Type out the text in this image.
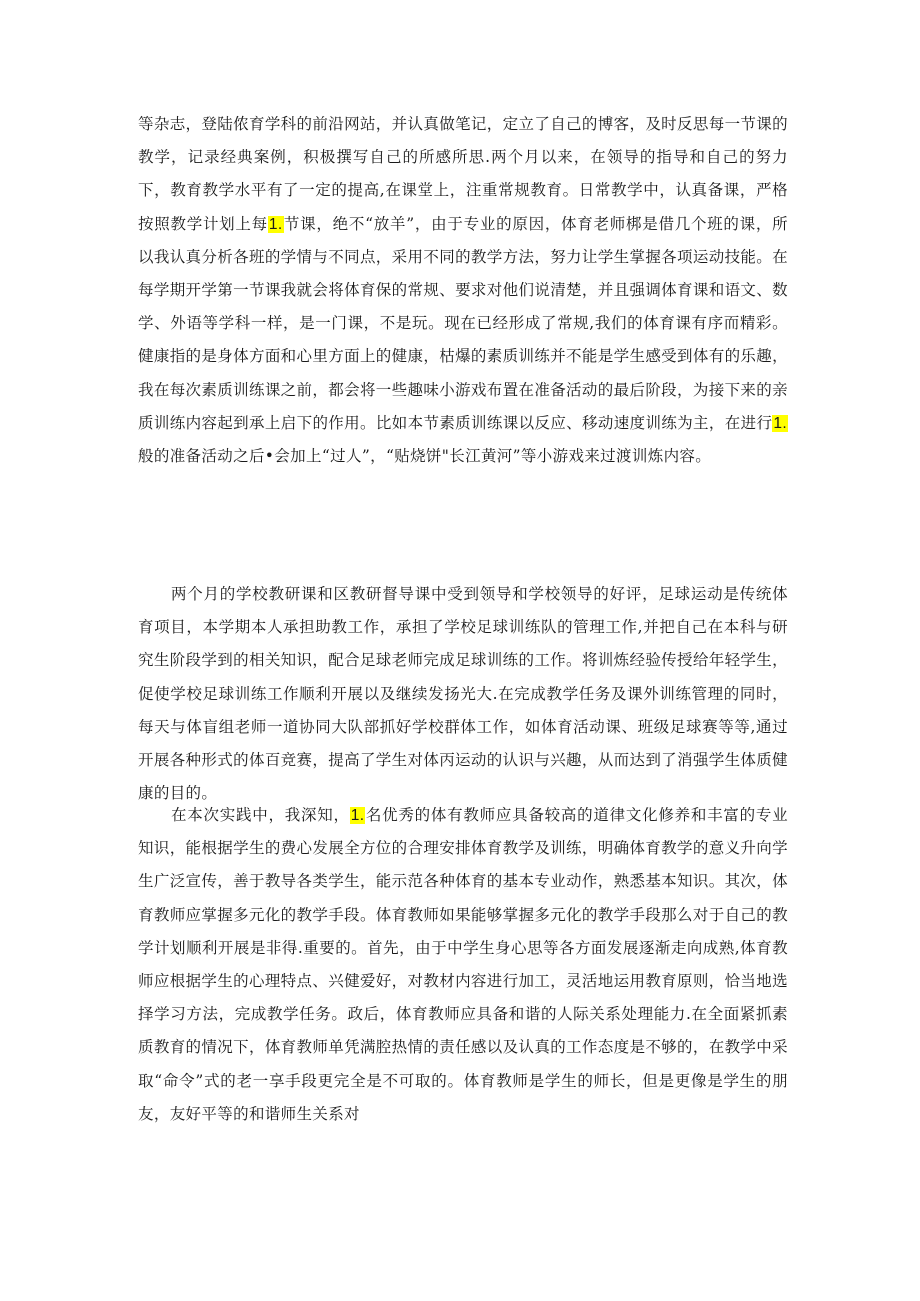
等杂志，登陆侬育学科的前沿网站，并认真做笔记，定立了自己的博客，及时反思每一节课的教学，记录经典案例，积极撰写自己的所感所思.两个月以来，在领导的指导和自己的努力下，教育教学水平有了一定的提高,在课堂上，注重常规教育。日常教学中，认真备课，严格按照教学计划上每1.节课，绝不“放羊”，由于专业的原因，体育老师梆是借几个班的课，所以我认真分析各班的学情与不同点，采用不同的教学方法，努力让学生掌握各项运动技能。在每学期开学第一节课我就会将体育保的常规、要求对他们说清楚，并且强调体育课和语文、数学、外语等学科一样，是一门课，不是玩。现在已经形成了常规,我们的体育课有序而精彩。健康指的是身体方面和心里方面上的健康，枯爆的素质训练并不能是学生感受到体有的乐趣，我在每次素质训练课之前，都会将一些趣味小游戏布置在准备活动的最后阶段，为接下来的亲质训练内容起到承上启下的作用。比如本节素质训练课以反应、移动速度训练为主，在进行1.般的准备活动之后•会加上“过人”，“贴烧饼"长江黄河”等小游戏来过渡训炼内容。

两个月的学校教研课和区教研督导课中受到领导和学校领导的好评，足球运动是传统体育项目，本学期本人承担助教工作，承担了学校足球训练队的管理工作,并把自己在本科与研究生阶段学到的相关知识，配合足球老师完成足球训练的工作。将训炼经验传授给年轻学生，促使学校足球训练工作顺利开展以及继续发扬光大.在完成教学任务及课外训练管理的同时，每天与体盲组老师一道协同大队部抓好学校群体工作，如体育活动课、班级足球赛等等,通过开展各种形式的体百竞赛，提高了学生对体丙运动的认识与兴趣，从而达到了消强学生体质健康的目的。

在本次实践中，我深知，1.名优秀的体有教师应具备较高的道律文化修养和丰富的专业知识，能根据学生的费心发展全方位的合理安排体育教学及训练，明确体育教学的意义升向学生广泛宣传，善于教导各类学生，能示范各种体育的基本专业动作，熟悉基本知识。其次，体育教师应掌握多元化的教学手段。体育教师如果能够掌握多元化的教学手段那么对于自己的教学计划顺利开展是非得.重要的。首先，由于中学生身心思等各方面发展逐渐走向成熟,体育教师应根据学生的心理特点、兴健爱好，对教材内容进行加工，灵活地运用教育原则，恰当地选择学习方法，完成教学任务。政后，体育教师应具备和谐的人际关系处理能力.在全面紧抓素质教育的情况下，体育教师单凭满腔热情的责任感以及认真的工作态度是不够的，在教学中采取“命令”式的老一享手段更完全是不可取的。体育教师是学生的师长，但是更像是学生的朋友，友好平等的和谐师生关系对
